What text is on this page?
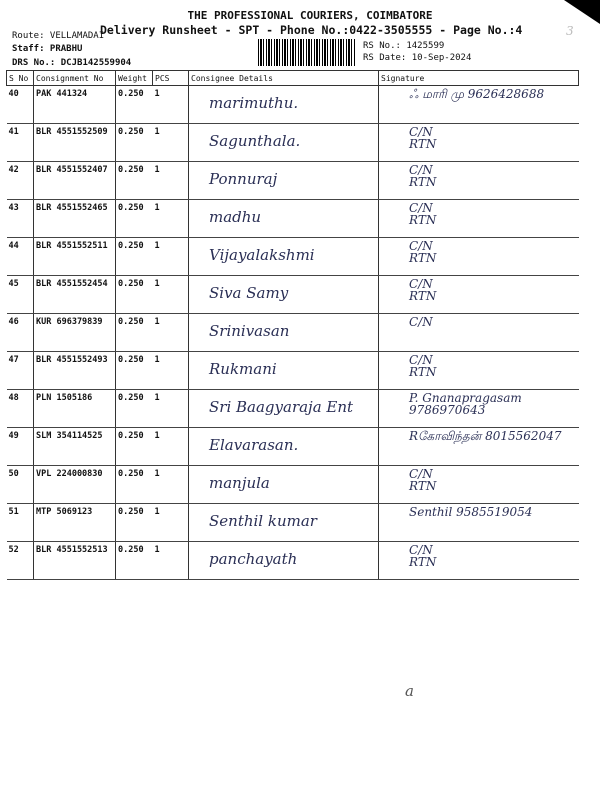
3
THE PROFESSIONAL COURIERS, COIMBATORE
Delivery Runsheet - SPT - Phone No.:0422-3505555 - Page No.:4
Route: VELLAMADAI
Staff: PRABHU
DRS No.: DCJB142559904
RS No.: 1425599
RS Date: 10-Sep-2024
S No	Consignment No	Weight	PCS	Consignee Details	Signature
40	PAK 441324	0.250	1	marimuthu.	ஃ மாரி மு 9626428688

41	BLR 4551552509	0.250	1	Sagunthala.	C/N
RTN

42	BLR 4551552407	0.250	1	Ponnuraj	C/N
RTN

43	BLR 4551552465	0.250	1	madhu	C/N
RTN

44	BLR 4551552511	0.250	1	Vijayalakshmi	C/N
RTN

45	BLR 4551552454	0.250	1	Siva Samy	C/N
RTN

46	KUR 696379839	0.250	1	Srinivasan	C/N

47	BLR 4551552493	0.250	1	Rukmani	C/N
RTN

48	PLN 1505186	0.250	1	Sri Baagyaraja Ent	P. Gnanapragasam
9786970643

49	SLM 354114525	0.250	1	Elavarasan.	Rகோவிந்தன் 8015562047

50	VPL 224000830	0.250	1	manjula	C/N
RTN

51	MTP 5069123	0.250	1	Senthil kumar	Senthil 9585519054

52	BLR 4551552513	0.250	1	panchayath	C/N
RTN
a
